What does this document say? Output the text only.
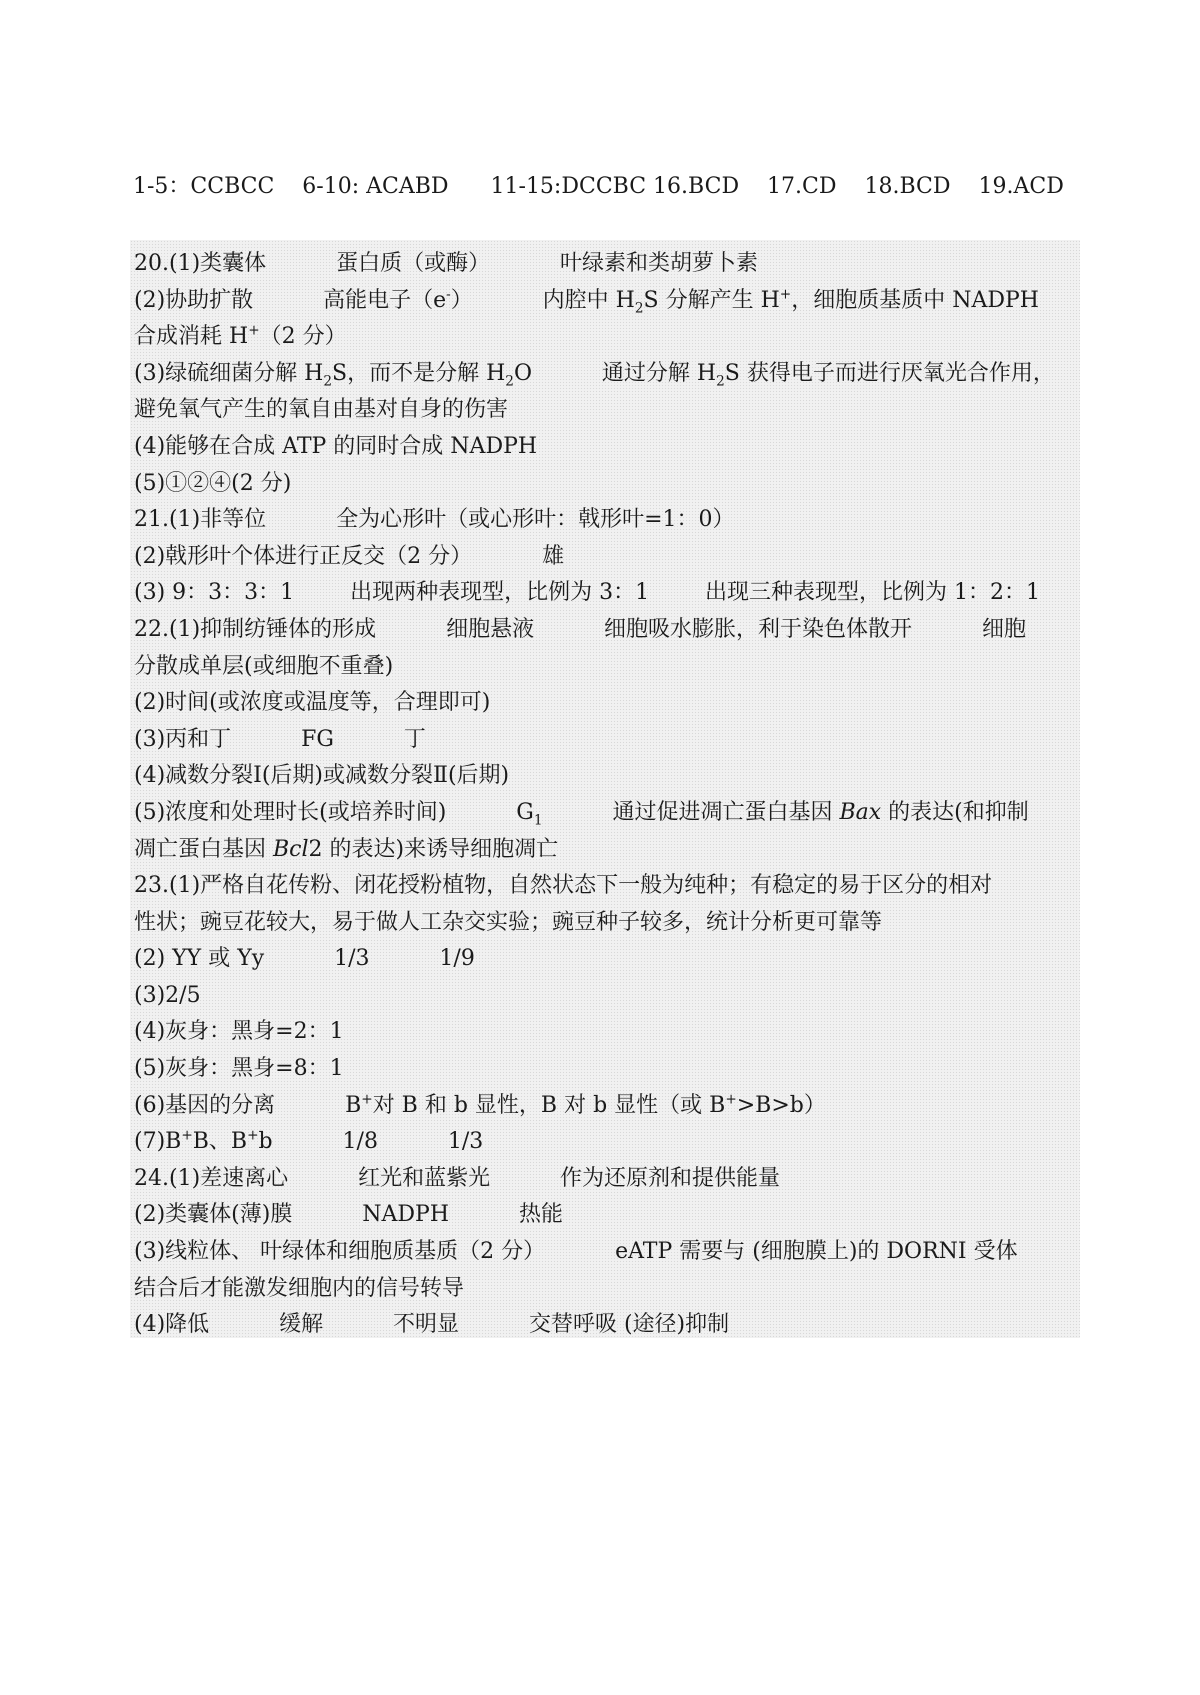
1-5：CCBCC    6-10: ACABD      11-15:DCCBC 16.BCD    17.CD    18.BCD    19.ACD
20.(1)类囊体          蛋白质（或酶）          叶绿素和类胡萝卜素
(2)协助扩散          高能电子（e-）          内腔中 $H_2S$ 分解产生 H+，细胞质基质中 NADPH
合成消耗 H+（2 分）
(3)绿硫细菌分解 $H_2S$，而不是分解 $H_2O$          通过分解 $H_2S$ 获得电子而进行厌氧光合作用，
避免氧气产生的氧自由基对自身的伤害
(4)能够在合成 ATP 的同时合成 NADPH
(5)①②④(2 分)
21.(1)非等位          全为心形叶（或心形叶：戟形叶=1：0）
(2)戟形叶个体进行正反交（2 分）          雄
(3) 9：3：3：1        出现两种表现型，比例为 3：1        出现三种表现型，比例为 1：2：1
22.(1)抑制纺锤体的形成          细胞悬液          细胞吸水膨胀，利于染色体散开          细胞
分散成单层(或细胞不重叠)
(2)时间(或浓度或温度等，合理即可)
(3)丙和丁          FG          丁
(4)减数分裂Ⅰ(后期)或减数分裂Ⅱ(后期)
(5)浓度和处理时长(或培养时间)          $G_1$          通过促进凋亡蛋白基因 Bax 的表达(和抑制
凋亡蛋白基因 Bcl2 的表达)来诱导细胞凋亡
23.(1)严格自花传粉、闭花授粉植物，自然状态下一般为纯种；有稳定的易于区分的相对
性状；豌豆花较大，易于做人工杂交实验；豌豆种子较多，统计分析更可靠等
(2) YY 或 Yy          1/3          1/9
(3)2/5
(4)灰身：黑身=2：1
(5)灰身：黑身=8：1
(6)基因的分离          B+对 B 和 b 显性，B 对 b 显性（或 B+>B>b）
(7)B+B、B+b          1/8          1/3
24.(1)差速离心          红光和蓝紫光          作为还原剂和提供能量
(2)类囊体(薄)膜          NADPH          热能
(3)线粒体、 叶绿体和细胞质基质（2 分）          eATP 需要与 (细胞膜上)的 DORNI 受体
结合后才能激发细胞内的信号转导
(4)降低          缓解          不明显          交替呼吸 (途径)抑制
